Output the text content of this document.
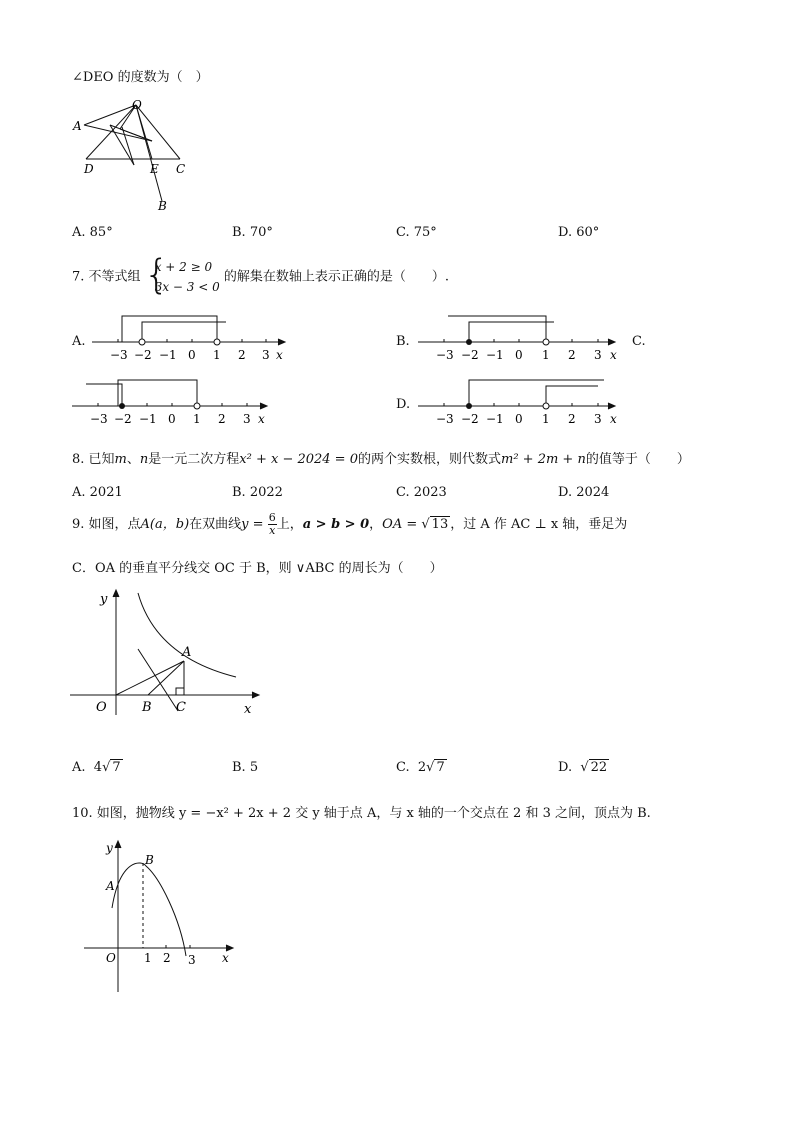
∠DEO 的度数为（　）
O
A
D	E C
B
A. 85°	B. 70°	C. 75°	D. 60°
7. 不等式组 {
x + 2 ≥ 0
3x − 3 < 0
的解集在数轴上表示正确的是（　　）.
A.
−3 −2 −1 0 1 2 3 x
B.
−3 −2 −1 0 1 2 3 x
C.
−3 −2 −1 0 1 2 3 x
D.
−3 −2 −1 0 1 2 3 x
8. 已知m、n是一元二次方程x² + x − 2024 = 0的两个实数根，则代数式m² + 2m + n的值等于（　　）
A. 2021	B. 2022	C. 2023	D. 2024
9. 如图，点A(a，b)在双曲线$y = \frac{6}{x}$ 上，a > b > 0，OA = √ 13 ，过 A 作 AC ⊥ x 轴，垂足为
C．OA 的垂直平分线交 OC 于 B，则 ∨ABC 的周长为（　　）
y
A
O	B C	x
A. 4√ 7	B. 5	C. 2√ 7	D.  √ 22
10. 如图，抛物线 y = −x² + 2x + 2 交 y 轴于点 A，与 x 轴的一个交点在 2 和 3 之间，顶点为 B.
y
B
A
O 1 2 3 x
